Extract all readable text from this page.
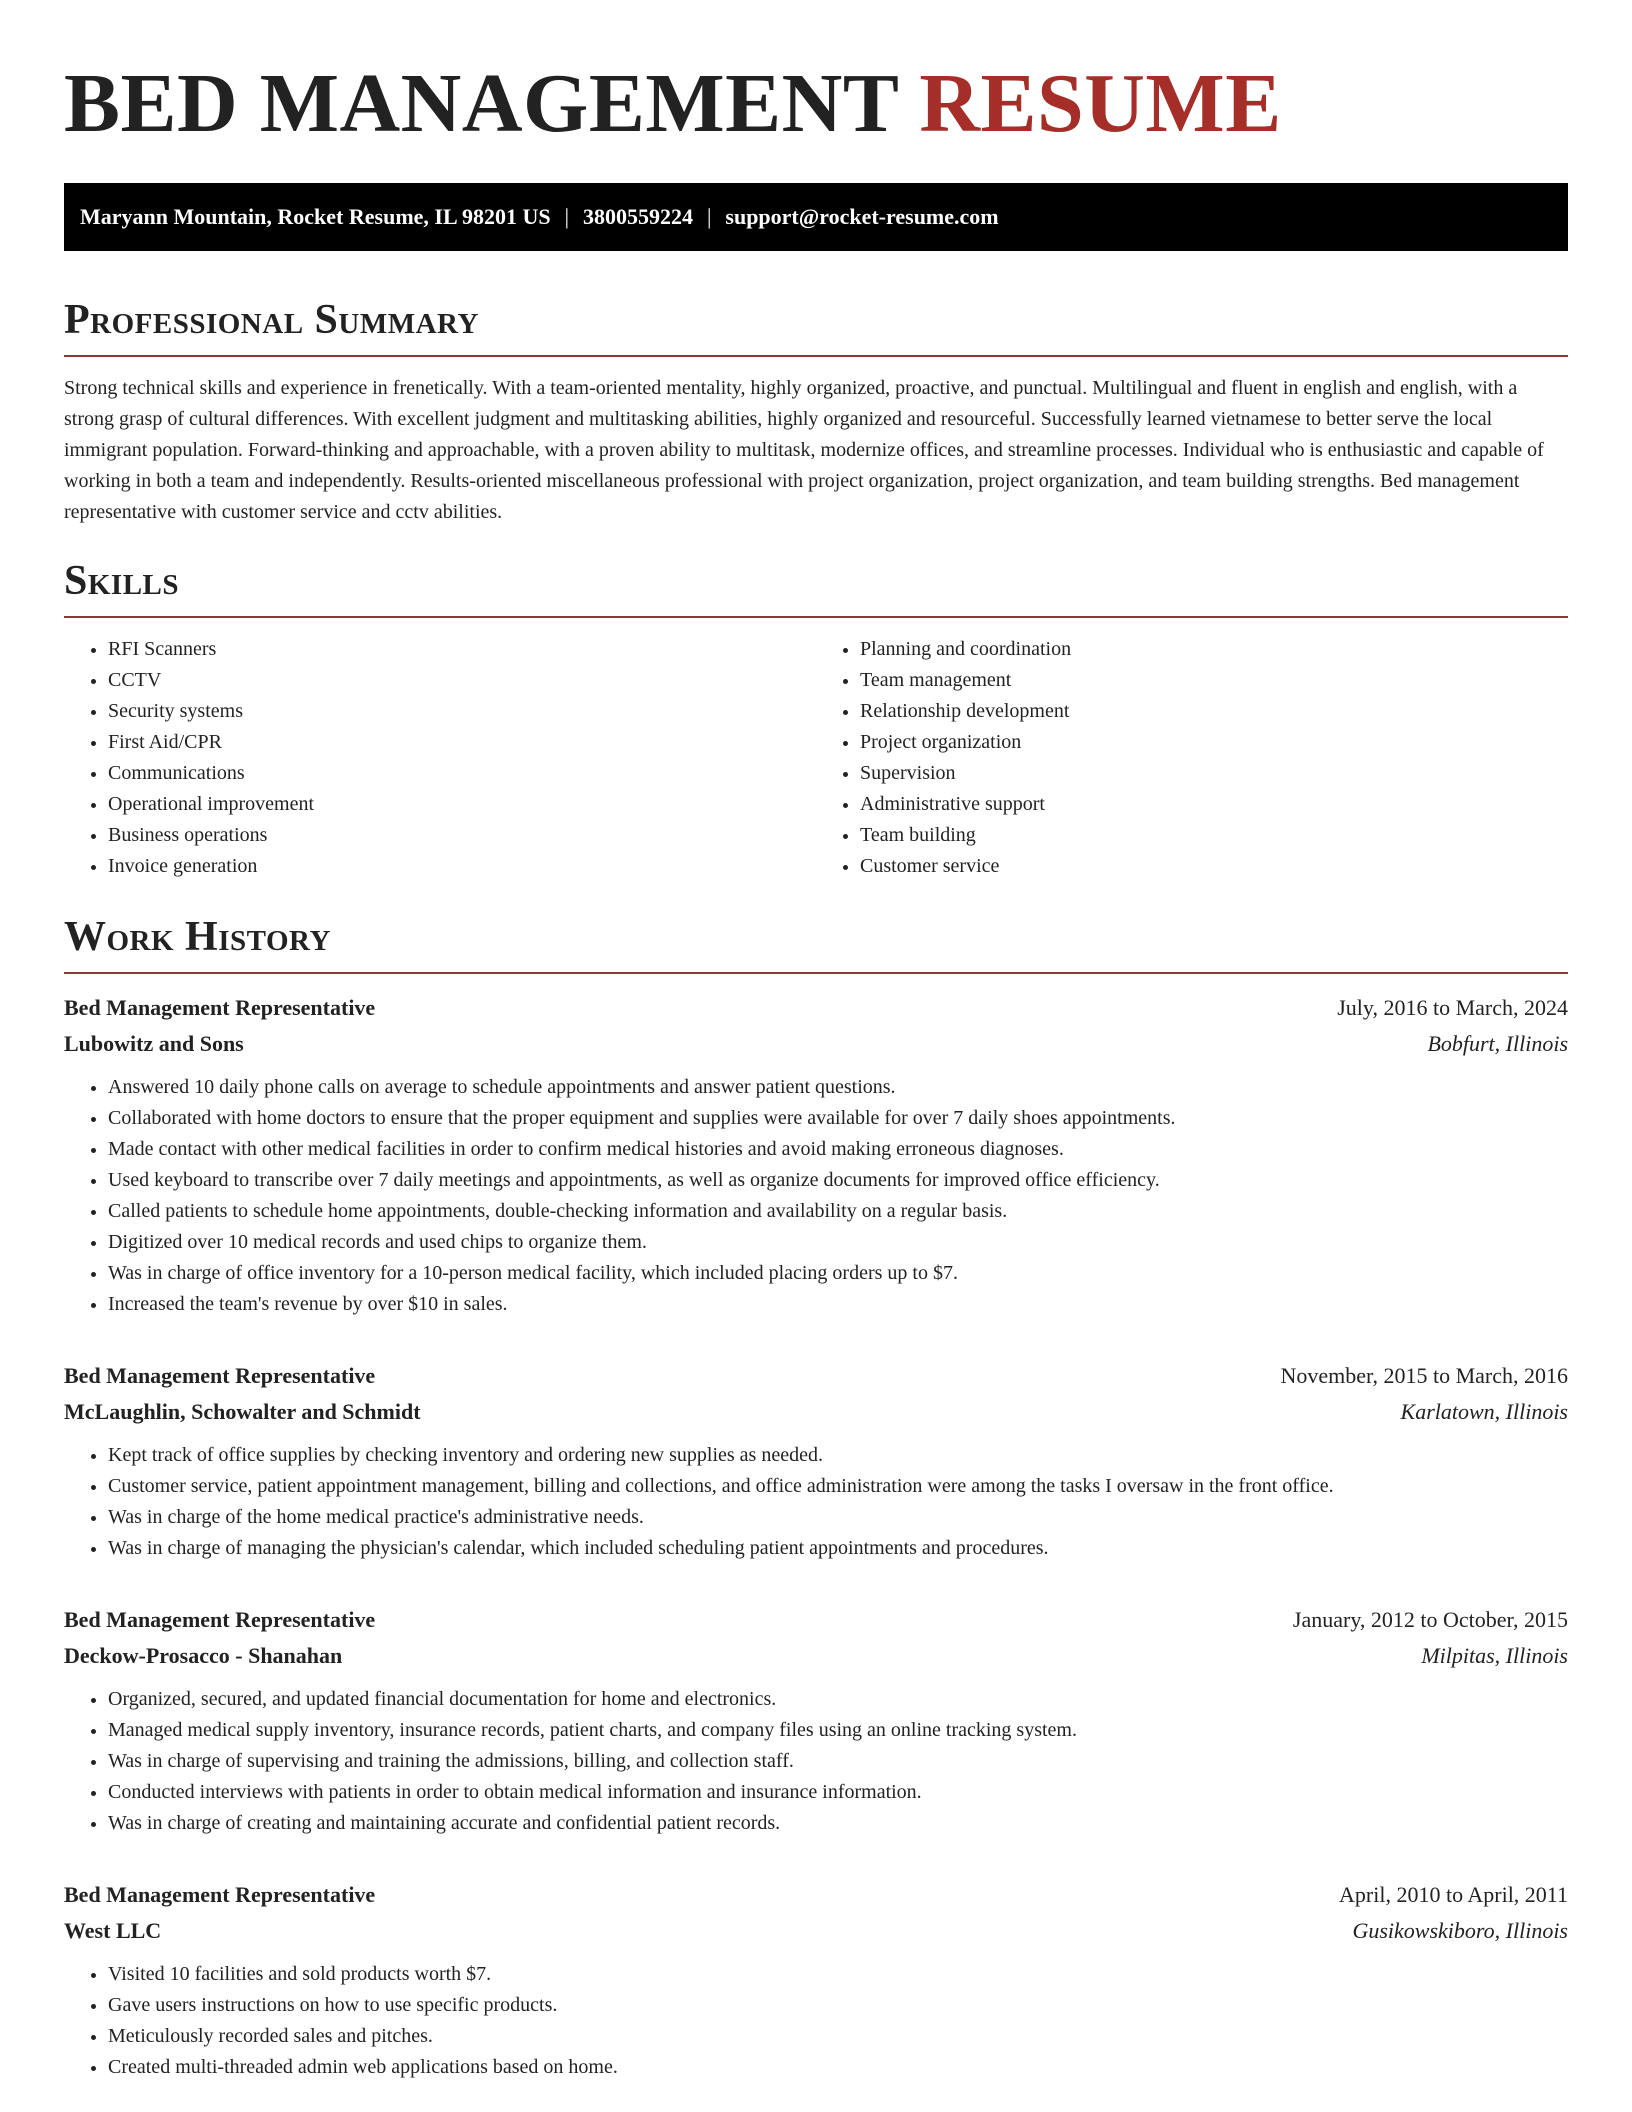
BED MANAGEMENT RESUME
Maryann Mountain, Rocket Resume, IL 98201 US | 3800559224 | support@rocket-resume.com
Professional Summary

Strong technical skills and experience in frenetically. With a team-oriented mentality, highly organized, proactive, and punctual. Multilingual and fluent in english and english, with a strong grasp of cultural differences. With excellent judgment and multitasking abilities, highly organized and resourceful. Successfully learned vietnamese to better serve the local immigrant population. Forward-thinking and approachable, with a proven ability to multitask, modernize offices, and streamline processes. Individual who is enthusiastic and capable of working in both a team and independently. Results-oriented miscellaneous professional with project organization, project organization, and team building strengths. Bed management representative with customer service and cctv abilities.

Skills
• RFI Scanners
• CCTV
• Security systems
• First Aid/CPR
• Communications
• Operational improvement
• Business operations
• Invoice generation
• Planning and coordination
• Team management
• Relationship development
• Project organization
• Supervision
• Administrative support
• Team building
• Customer service
Work History
Bed Management Representative	July, 2016 to March, 2024
Lubowitz and Sons	Bobfurt, Illinois
• Answered 10 daily phone calls on average to schedule appointments and answer patient questions.
• Collaborated with home doctors to ensure that the proper equipment and supplies were available for over 7 daily shoes appointments.
• Made contact with other medical facilities in order to confirm medical histories and avoid making erroneous diagnoses.
• Used keyboard to transcribe over 7 daily meetings and appointments, as well as organize documents for improved office efficiency.
• Called patients to schedule home appointments, double-checking information and availability on a regular basis.
• Digitized over 10 medical records and used chips to organize them.
• Was in charge of office inventory for a 10-person medical facility, which included placing orders up to $7.
• Increased the team's revenue by over $10 in sales.
Bed Management Representative	November, 2015 to March, 2016
McLaughlin, Schowalter and Schmidt	Karlatown, Illinois
• Kept track of office supplies by checking inventory and ordering new supplies as needed.
• Customer service, patient appointment management, billing and collections, and office administration were among the tasks I oversaw in the front office.
• Was in charge of the home medical practice's administrative needs.
• Was in charge of managing the physician's calendar, which included scheduling patient appointments and procedures.
Bed Management Representative	January, 2012 to October, 2015
Deckow-Prosacco - Shanahan	Milpitas, Illinois
• Organized, secured, and updated financial documentation for home and electronics.
• Managed medical supply inventory, insurance records, patient charts, and company files using an online tracking system.
• Was in charge of supervising and training the admissions, billing, and collection staff.
• Conducted interviews with patients in order to obtain medical information and insurance information.
• Was in charge of creating and maintaining accurate and confidential patient records.
Bed Management Representative	April, 2010 to April, 2011
West LLC	Gusikowskiboro, Illinois
• Visited 10 facilities and sold products worth $7.
• Gave users instructions on how to use specific products.
• Meticulously recorded sales and pitches.
• Created multi-threaded admin web applications based on home.
